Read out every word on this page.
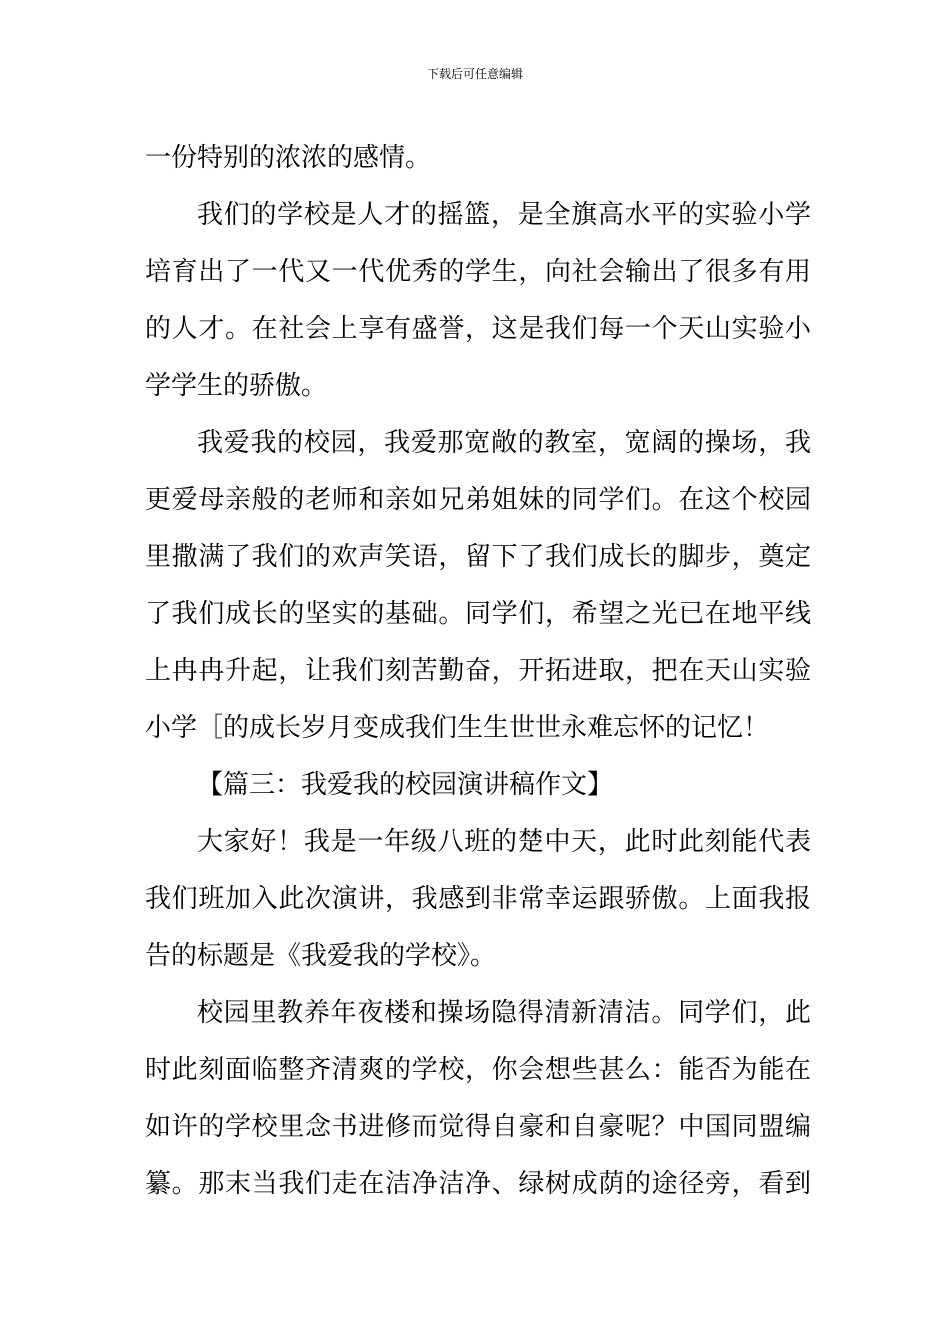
下载后可任意编辑
一份特别的浓浓的感情。
我们的学校是人才的摇篮，是全旗高水平的实验小学
培育出了一代又一代优秀的学生，向社会输出了很多有用
的人才。在社会上享有盛誉，这是我们每一个天山实验小
学学生的骄傲。
我爱我的校园，我爱那宽敞的教室，宽阔的操场，我
更爱母亲般的老师和亲如兄弟姐妹的同学们。在这个校园
里撒满了我们的欢声笑语，留下了我们成长的脚步，奠定
了我们成长的坚实的基础。同学们，希望之光已在地平线
上冉冉升起，让我们刻苦勤奋，开拓进取，把在天山实验
小学［的成长岁月变成我们生生世世永难忘怀的记忆！
【篇三：我爱我的校园演讲稿作文】
大家好！我是一年级八班的楚中天，此时此刻能代表
我们班加入此次演讲，我感到非常幸运跟骄傲。上面我报
告的标题是《我爱我的学校》。
校园里教养年夜楼和操场隐得清新清洁。同学们，此
时此刻面临整齐清爽的学校，你会想些甚么：能否为能在
如许的学校里念书进修而觉得自豪和自豪呢？中国同盟编
纂。那末当我们走在洁净洁净、绿树成荫的途径旁，看到
